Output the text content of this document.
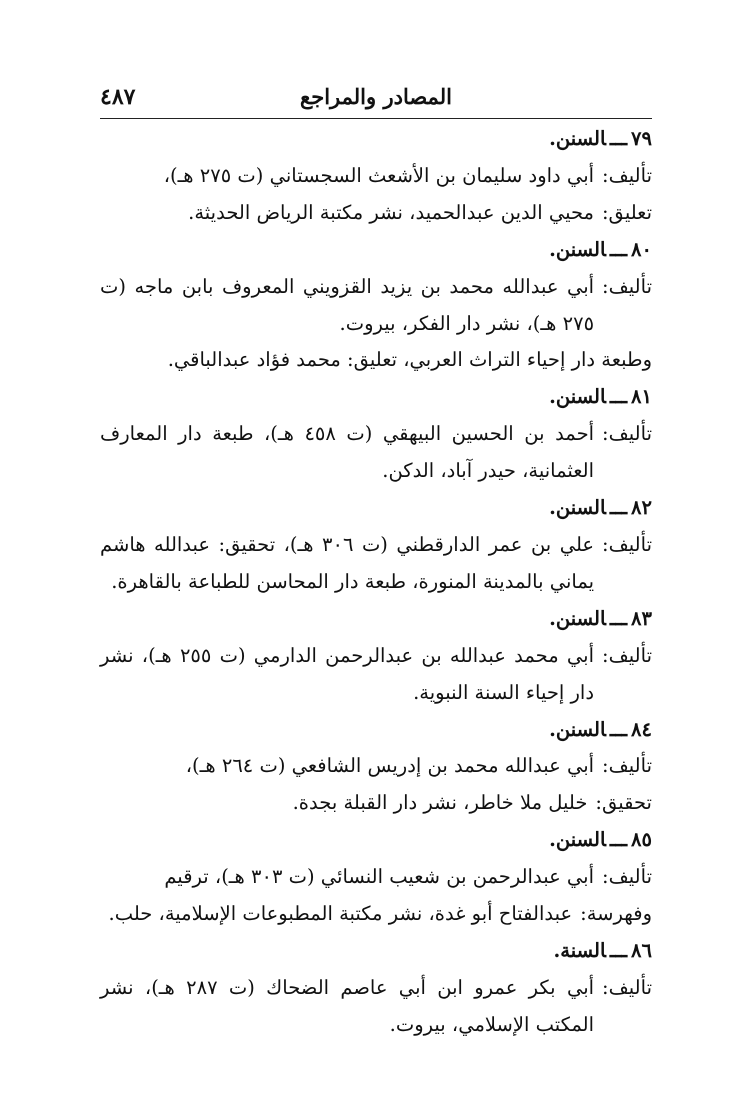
المصادر والمراجع
٤٨٧
٧٩ـــالسنن.
تأليف:
أبي داود سليمان بن الأشعث السجستاني (ت ٢٧٥ هـ)،
تعليق:
محيي الدين عبدالحميد، نشر مكتبة الرياض الحديثة.
٨٠ـــالسنن.
تأليف:
أبي عبدالله محمد بن يزيد القزويني المعروف بابن ماجه (ت ٢٧٥ هـ)، نشر دار الفكر، بيروت.
وطبعة دار إحياء التراث العربي، تعليق: محمد فؤاد عبدالباقي.
٨١ـــالسنن.
تأليف:
أحمد بن الحسين البيهقي (ت ٤٥٨ هـ)، طبعة دار المعارف العثمانية، حيدر آباد، الدكن.
٨٢ـــالسنن.
تأليف:
علي بن عمر الدارقطني (ت ٣٠٦ هـ)، تحقيق: عبدالله هاشم يماني بالمدينة المنورة، طبعة دار المحاسن للطباعة بالقاهرة.
٨٣ـــالسنن.
تأليف:
أبي محمد عبدالله بن عبدالرحمن الدارمي (ت ٢٥٥ هـ)، نشر دار إحياء السنة النبوية.
٨٤ـــالسنن.
تأليف:
أبي عبدالله محمد بن إدريس الشافعي (ت ٢٦٤ هـ)،
تحقيق:
خليل ملا خاطر، نشر دار القبلة بجدة.
٨٥ـــالسنن.
تأليف:
أبي عبدالرحمن بن شعيب النسائي (ت ٣٠٣ هـ)، ترقيم
وفهرسة:
عبدالفتاح أبو غدة، نشر مكتبة المطبوعات الإسلامية، حلب.
٨٦ـــالسنة.
تأليف:
أبي بكر عمرو ابن أبي عاصم الضحاك (ت ٢٨٧ هـ)، نشر المكتب الإسلامي، بيروت.
